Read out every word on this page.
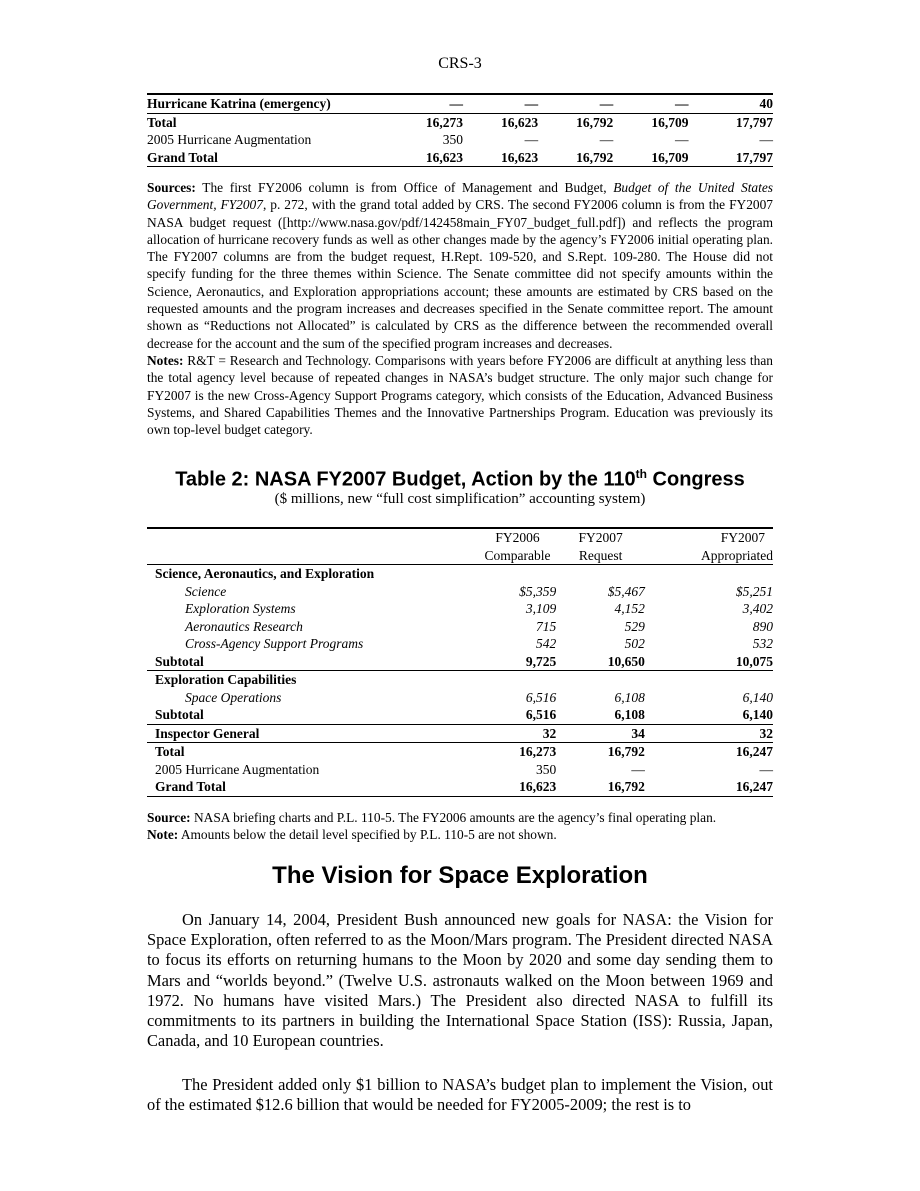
CRS-3
Hurricane Katrina (emergency)	—	—	—	—	40
Total	16,273	16,623	16,792	16,709	17,797
2005 Hurricane Augmentation	350	—	—	—	—
Grand Total	16,623	16,623	16,792	16,709	17,797

Sources: The first FY2006 column is from Office of Management and Budget, Budget of the United States Government, FY2007, p. 272, with the grand total added by CRS. The second FY2006 column is from the FY2007 NASA budget request ([http://www.nasa.gov/pdf/142458main_FY07_budget_full.pdf]) and reflects the program allocation of hurricane recovery funds as well as other changes made by the agency’s FY2006 initial operating plan. The FY2007 columns are from the budget request, H.Rept. 109-520, and S.Rept. 109-280. The House did not specify funding for the three themes within Science. The Senate committee did not specify amounts within the Science, Aeronautics, and Exploration appropriations account; these amounts are estimated by CRS based on the requested amounts and the program increases and decreases specified in the Senate committee report. The amount shown as “Reductions not Allocated” is calculated by CRS as the difference between the recommended overall decrease for the account and the sum of the specified program increases and decreases.

Notes: R&T = Research and Technology. Comparisons with years before FY2006 are difficult at anything less than the total agency level because of repeated changes in NASA’s budget structure. The only major such change for FY2007 is the new Cross-Agency Support Programs category, which consists of the Education, Advanced Business Systems, and Shared Capabilities Themes and the Innovative Partnerships Program. Education was previously its own top-level budget category.

Table 2: NASA FY2007 Budget, Action by the 110th Congress
($ millions, new “full cost simplification” accounting system)
	FY2006	FY2007	FY2007
	Comparable	Request	Appropriated
Science, Aeronautics, and Exploration			
Science	$5,359	$5,467	$5,251
Exploration Systems	3,109	4,152	3,402
Aeronautics Research	715	529	890
Cross-Agency Support Programs	542	502	532
Subtotal	9,725	10,650	10,075
Exploration Capabilities			
Space Operations	6,516	6,108	6,140
Subtotal	6,516	6,108	6,140
Inspector General	32	34	32
Total	16,273	16,792	16,247
2005 Hurricane Augmentation	350	—	—
Grand Total	16,623	16,792	16,247

Source: NASA briefing charts and P.L. 110-5. The FY2006 amounts are the agency’s final operating plan.

Note: Amounts below the detail level specified by P.L. 110-5 are not shown.

The Vision for Space Exploration

On January 14, 2004, President Bush announced new goals for NASA: the Vision for Space Exploration, often referred to as the Moon/Mars program. The President directed NASA to focus its efforts on returning humans to the Moon by 2020 and some day sending them to Mars and “worlds beyond.” (Twelve U.S. astronauts walked on the Moon between 1969 and 1972. No humans have visited Mars.) The President also directed NASA to fulfill its commitments to its partners in building the International Space Station (ISS): Russia, Japan, Canada, and 10 European countries.

The President added only $1 billion to NASA’s budget plan to implement the Vision, out of the estimated $12.6 billion that would be needed for FY2005-2009; the rest is to
